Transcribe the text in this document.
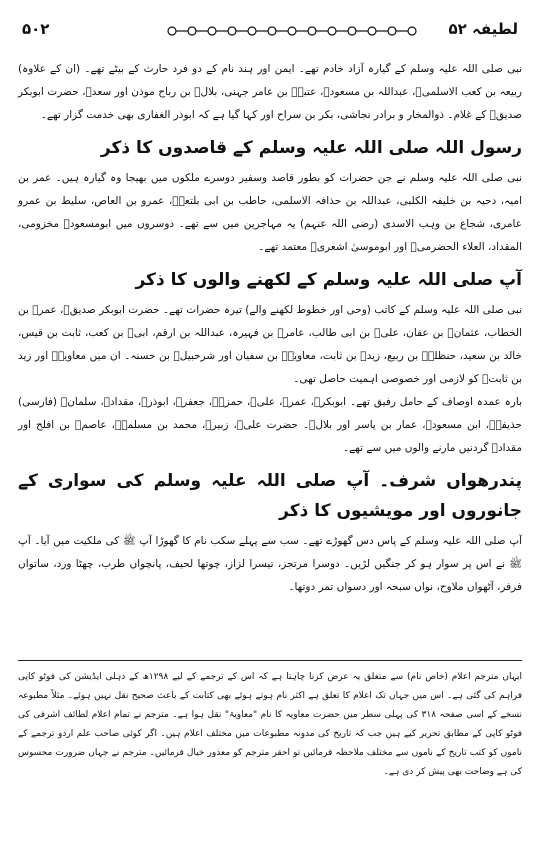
۵۰۲	لطیفہ ۵۲

نبی صلی اللہ علیہ وسلم کے گیارہ آزاد خادم تھے۔ ایمن اور ہند نام کے دو فرد حارث کے بیٹے تھے۔ (ان کے علاوہ) ربیعہ بن کعب الاسلمیؓ، عبداللہ بن مسعودؓ، عتبہؓ بن عامر جہنی، بلالؓ بن رباح موذن اور سعدؓ، حضرت ابوبکر صدیقؓ کے غلام۔ ذوالمخار و برادر نجاشی، بکر بن سراح اور کہا گیا ہے کہ ابوذر الغفاری بھی خدمت گزار تھے۔

رسول اللہ صلی اللہ علیہ وسلم کے قاصدوں کا ذکر

نبی صلی اللہ علیہ وسلم نے جن حضرات کو بطور قاصد وسفیر دوسرے ملکوں میں بھیجا وہ گیارہ ہیں۔ عمر بن امیہ، دحیہ بن خلیفہ الکلبی، عبداللہ بن حذافہ الاسلمی، حاطب بن ابی بلتعہؓ، عمرو بن العاص، سلیط بن عمرو عامری، شجاع بن وہب الاسدی (رضی اللہ عنہم) یہ مہاجرین میں سے تھے۔ دوسروں میں ابومسعودؓ مخزومی، المقداد، العلاء الحضرمیؓ اور ابوموسیٰ اشعریؓ معتمد تھے۔

آپ صلی اللہ علیہ وسلم کے لکھنے والوں کا ذکر

نبی صلی اللہ علیہ وسلم کے کاتب (وحی اور خطوط لکھنے والے) تیرہ حضرات تھے۔ حضرت ابوبکر صدیقؓ، عمرؓ بن الخطاب، عثمانؓ بن عفان، علیؓ بن ابی طالب، عامرؓ بن فہیرہ، عبداللہ بن ارقم، ابیؓ بن کعب، ثابت بن قیس، خالد بن سعید، حنظلہؓ بن ربیع، زیدؓ بن ثابت، معاویہؓ بن سفیان اور شرحبیلؓ بن حسنہ۔ ان میں معاویہؓ اور زید بن ثابتؓ کو لازمی اور خصوصی اہمیت حاصل تھی۔

بارہ عمدہ اوصاف کے حامل رفیق تھے۔ ابوبکرؓ، عمرؓ، علیؓ، حمزہؓ، جعفرؓ، ابوذرؓ، مقدادؓ، سلمانؓ (فارسی) حذیفہؓ، ابن مسعودؓ، عمار بن یاسر اور بلالؓ۔ حضرت علیؓ، زبیرؓ، محمد بن مسلمہؓ، عاصمؓ بن افلح اور مقدادؓ گردنیں مارنے والوں میں سے تھے۔

پندرھواں شرف۔ آپ صلی اللہ علیہ وسلم کی سواری کے جانوروں اور مویشیوں کا ذکر

آپ صلی اللہ علیہ وسلم کے پاس دس گھوڑے تھے۔ سب سے پہلے سکب نام کا گھوڑا آپ ﷺ کی ملکیت میں آیا۔ آپ ﷺ نے اس پر سوار ہو کر جنگیں لڑیں۔ دوسرا مرتجز، تیسرا لزاز، چوتھا لحیف، پانچواں طرب، چھٹا ورد، ساتواں فرفر، آٹھواں ملاوح، نواں سبحہ اور دسواں تمر دوتھا۔

ایہاں مترجم اعلام (خاص نام) سے متعلق یہ عرض کرنا چاہتا ہے کہ اس کے ترجمے کے لیے ۱۲۹۸ھ کے دہلی ایڈیشن کی فوٹو کاپی فراہم کی گئی ہے۔ اس میں جہاں تک اعلام کا تعلق ہے اکثر نام ہوتے ہوئے بھی کتابت کے باعث صحیح نقل نہیں ہوئے۔ مثلاً مطبوعہ نسخے کے اسی صفحہ ۳۱۸ کی پہلی سطر میں حضرت معاویہ کا نام "معاویۃ" نقل ہوا ہے۔ مترجم نے تمام اعلام لطائف اشرفی کی فوٹو کاپی کے مطابق تحریر کیے ہیں جب کہ تاریخ کی مدونہ مطبوعات میں مختلف اعلام ہیں۔ اگر کوئی صاحب علم اردو ترجمے کے ناموں کو کتب تاریخ کے ناموں سے مختلف ملاحظہ فرمائیں تو احقر مترجم کو معذور خیال فرمائیں۔ مترجم نے جہاں ضرورت محسوس کی ہے وضاحت بھی پیش کر دی ہے۔
